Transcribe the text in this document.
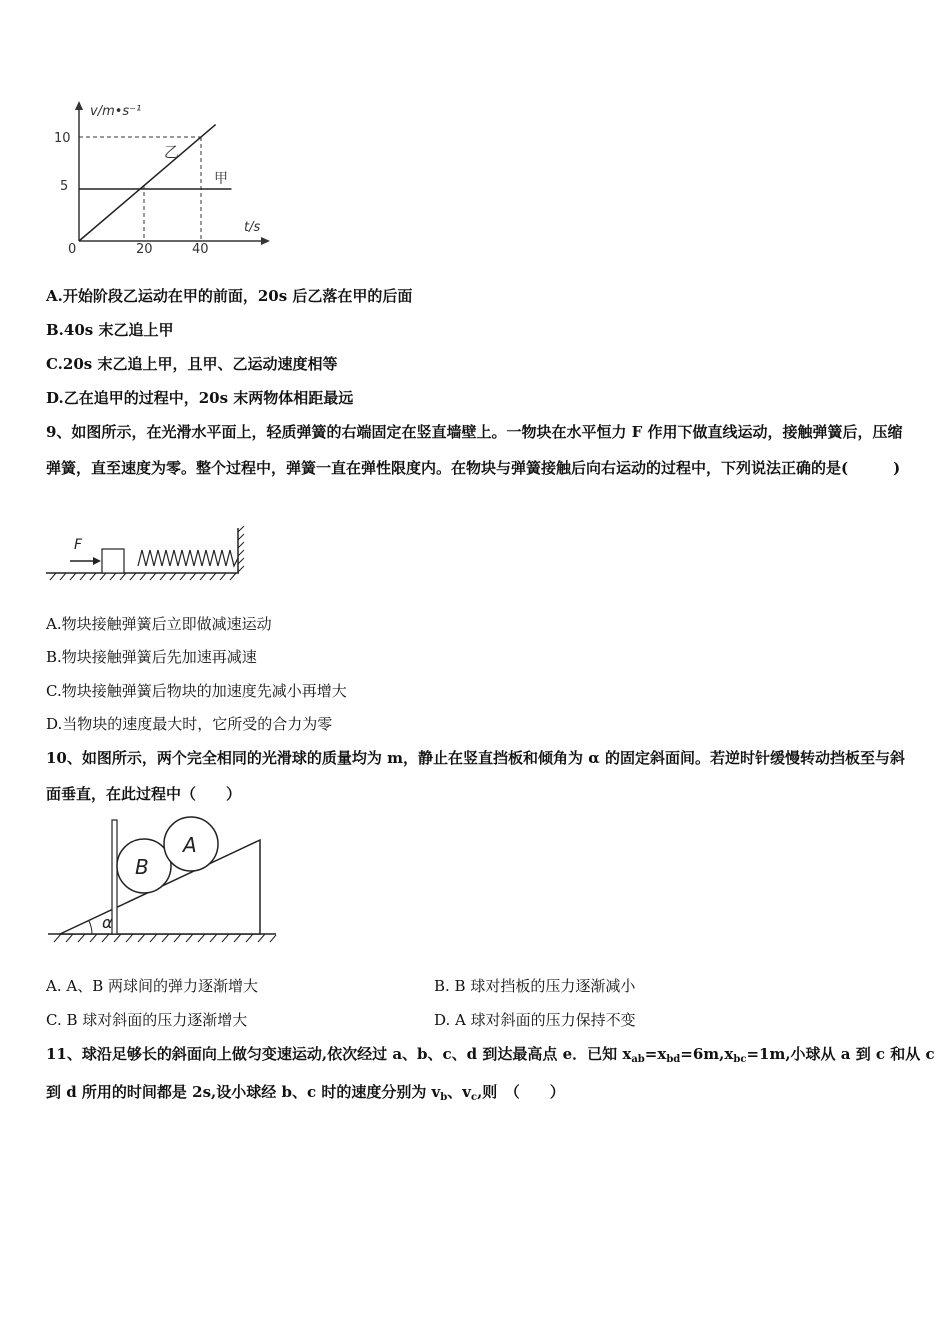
v/m•s⁻¹
t/s
0
10
5
20	40
乙
甲
A.开始阶段乙运动在甲的前面，20s 后乙落在甲的后面
B.40s 末乙追上甲
C.20s 末乙追上甲，且甲、乙运动速度相等
D.乙在追甲的过程中，20s 末两物体相距最远
9、如图所示，在光滑水平面上，轻质弹簧的右端固定在竖直墙壁上。一物块在水平恒力 F 作用下做直线运动，接触弹簧后，压缩弹簧，直至速度为零。整个过程中，弹簧一直在弹性限度内。在物块与弹簧接触后向右运动的过程中，下列说法正确的是(　　　)
F
A.物块接触弹簧后立即做减速运动
B.物块接触弹簧后先加速再减速
C.物块接触弹簧后物块的加速度先减小再增大
D.当物块的速度最大时，它所受的合力为零
10、如图所示，两个完全相同的光滑球的质量均为 m，静止在竖直挡板和倾角为 α 的固定斜面间。若逆时针缓慢转动挡板至与斜面垂直，在此过程中（　　）
α
B
A
A. A、B 两球间的弹力逐渐增大	B. B 球对挡板的压力逐渐减小
C. B 球对斜面的压力逐渐增大	D. A 球对斜面的压力保持不变
11、球沿足够长的斜面向上做匀变速运动,依次经过 a、b、c、d 到达最高点 e．已知 $x_{ab}=x_{bd}=6m,x_{bc}=1m$,小球从 a 到 c 和从 c
到 d 所用的时间都是 2s,设小球经 b、c 时的速度分别为 $v_b$、$v_c$,则　（　　）
